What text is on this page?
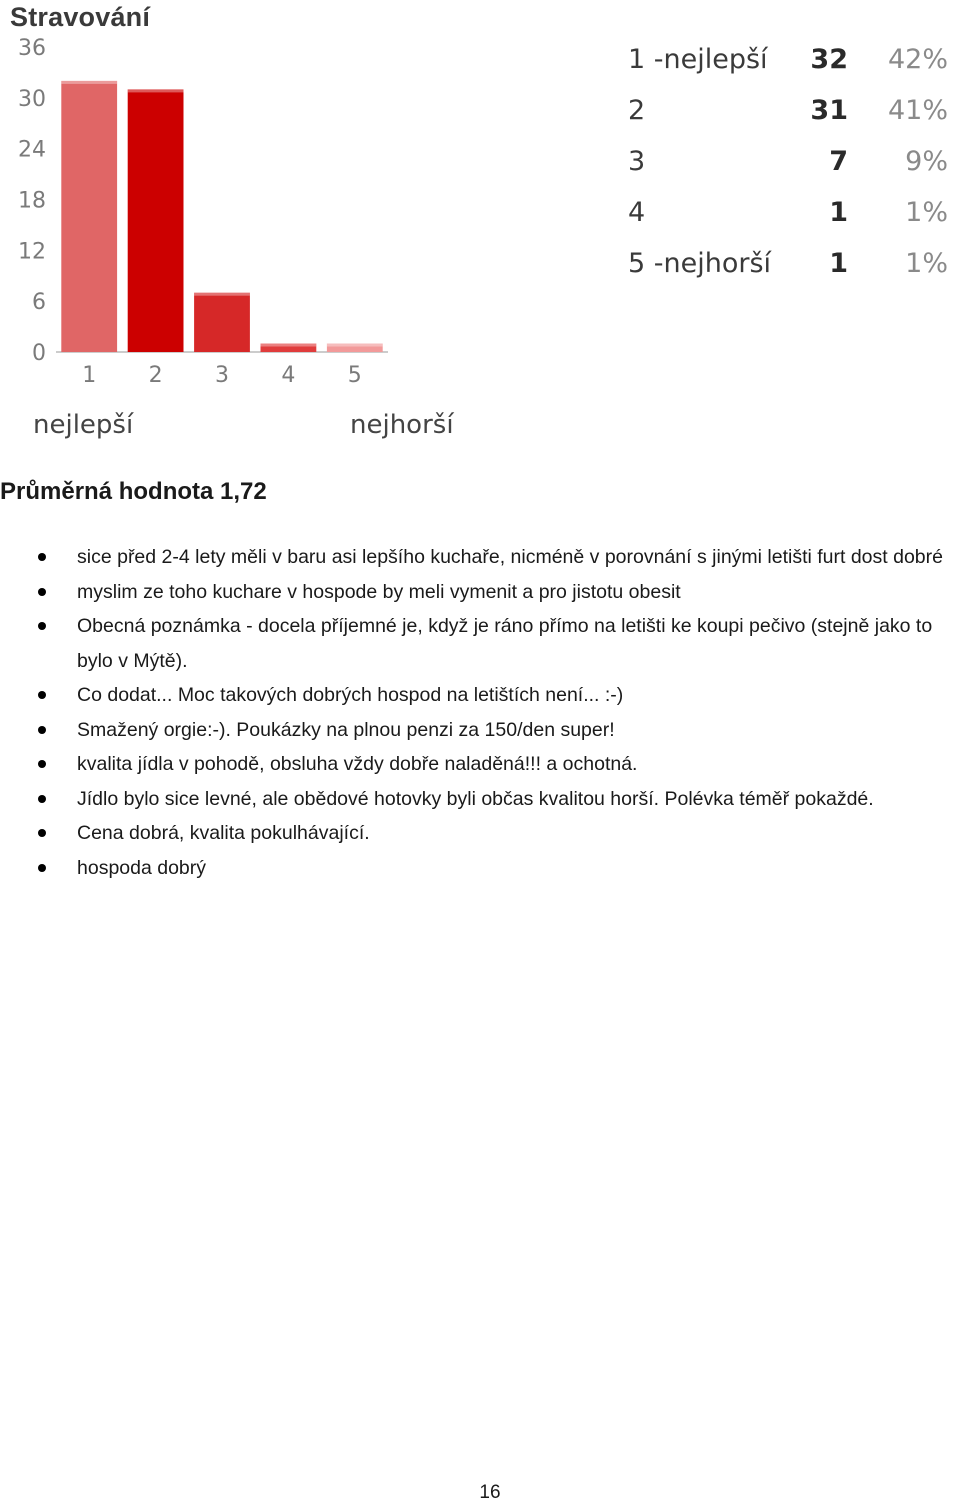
0
6
12
18
24
30
36
1 2 3 4 5
Stravování
nejlepší	nejhorší
1 -nejlepší	32	42%
2	31	41%
3	7	9%
4	1	1%
5 -nejhorší	1	1%
Průměrná hodnota 1,72
sice před 2-4 lety měli v baru asi lepšího kuchaře, nicméně v porovnání s jinými letišti furt dost dobré
myslim ze toho kuchare v hospode by meli vymenit a pro jistotu obesit
Obecná poznámka - docela příjemné je, když je ráno přímo na letišti ke koupi pečivo (stejně jako to bylo v Mýtě).
Co dodat... Moc takových dobrých hospod na letištích není... :-)
Smažený orgie:-). Poukázky na plnou penzi za 150/den super!
kvalita jídla v pohodě, obsluha vždy dobře naladěná!!! a ochotná.
Jídlo bylo sice levné, ale obědové hotovky byli občas kvalitou horší. Polévka téměř pokaždé.
Cena dobrá, kvalita pokulhávající.
hospoda dobrý
16
